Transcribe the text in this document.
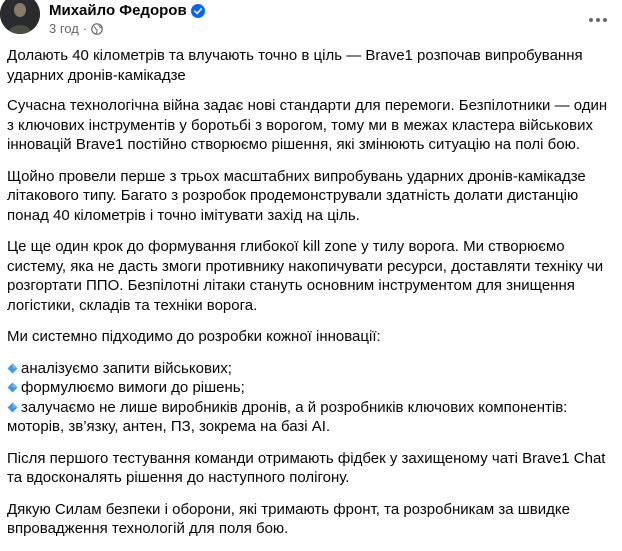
Михайло Федоров
3 год ·

Долають 40 кілометрів та влучають точно в ціль — Brave1 розпочав випробування ударних дронів-камікадзе

Сучасна технологічна війна задає нові стандарти для перемоги. Безпілотники — один з ключових інструментів у боротьбі з ворогом, тому ми в межах кластера військових інновацій Brave1 постійно створюємо рішення, які змінюють ситуацію на полі бою.

Щойно провели перше з трьох масштабних випробувань ударних дронів-камікадзе літакового типу. Багато з розробок продемонстрували здатність долати дистанцію понад 40 кілометрів і точно імітувати захід на ціль.

Це ще один крок до формування глибокої kill zone у тилу ворога. Ми створюємо систему, яка не дасть змоги противнику накопичувати ресурси, доставляти техніку чи розгортати ППО. Безпілотні літаки стануть основним інструментом для знищення логістики, складів та техніки ворога.

Ми системно підходимо до розробки кожної інновації:

аналізуємо запити військових;
формулюємо вимоги до рішень;
залучаємо не лише виробників дронів, а й розробників ключових компонентів: моторів, зв’язку, антен, ПЗ, зокрема на базі AI.

Після першого тестування команди отримають фідбек у захищеному чаті Brave1 Chat та вдосконалять рішення до наступного полігону.

Дякую Силам безпеки і оборони, які тримають фронт, та розробникам за швидке впровадження технологій для поля бою.
